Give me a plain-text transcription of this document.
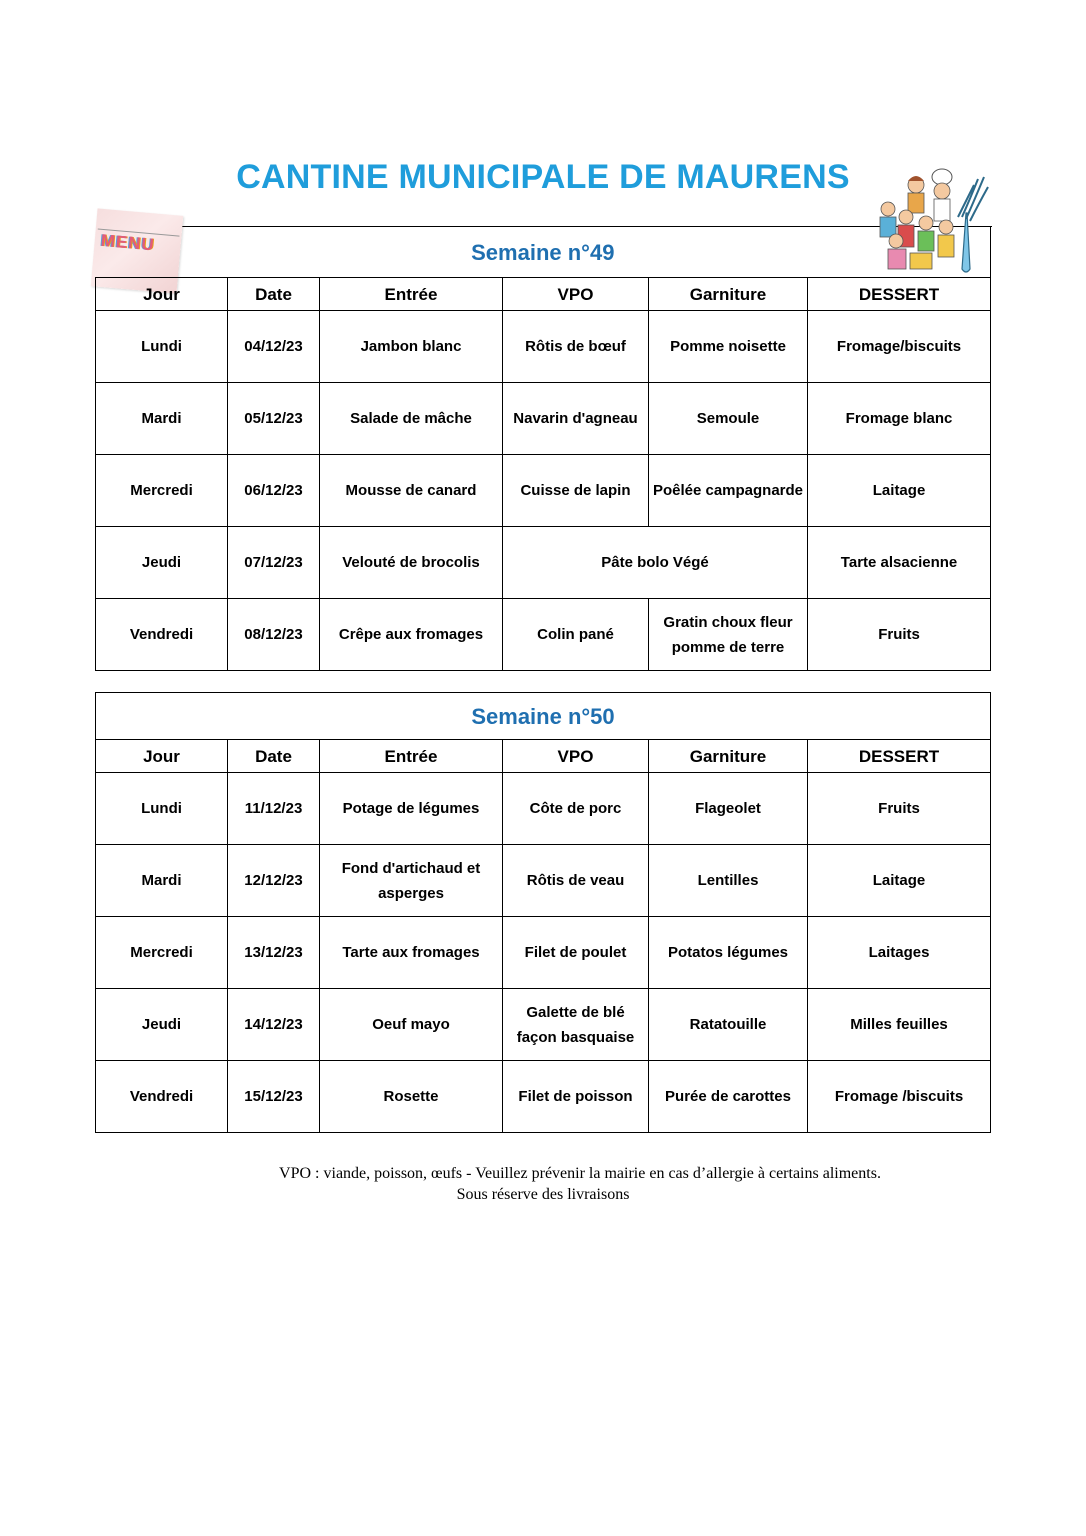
CANTINE MUNICIPALE DE MAURENS
MENU	Semaine n°49					
Jour	Date	Entrée	VPO	Garniture	DESSERT
Lundi	04/12/23	Jambon blanc	Rôtis de bœuf	Pomme noisette	Fromage/biscuits
Mardi	05/12/23	Salade de mâche	Navarin d'agneau	Semoule	Fromage blanc
Mercredi	06/12/23	Mousse de canard	Cuisse de lapin	Poêlée campagnarde	Laitage
Jeudi	07/12/23	Velouté de brocolis	Pâte bolo Végé		Tarte alsacienne
Vendredi	08/12/23	Crêpe aux fromages	Colin pané	Gratin choux fleur pomme de terre	Fruits
Semaine n°50					
Jour	Date	Entrée	VPO	Garniture	DESSERT
Lundi	11/12/23	Potage de légumes	Côte de porc	Flageolet	Fruits
Mardi	12/12/23	Fond d'artichaud et asperges	Rôtis de veau	Lentilles	Laitage
Mercredi	13/12/23	Tarte aux fromages	Filet de poulet	Potatos légumes	Laitages
Jeudi	14/12/23	Oeuf mayo	Galette de blé façon basquaise	Ratatouille	Milles feuilles
Vendredi	15/12/23	Rosette	Filet de poisson	Purée de carottes	Fromage /biscuits
VPO : viande, poisson, œufs - Veuillez prévenir la mairie en cas d’allergie à certains aliments.
Sous réserve des livraisons
